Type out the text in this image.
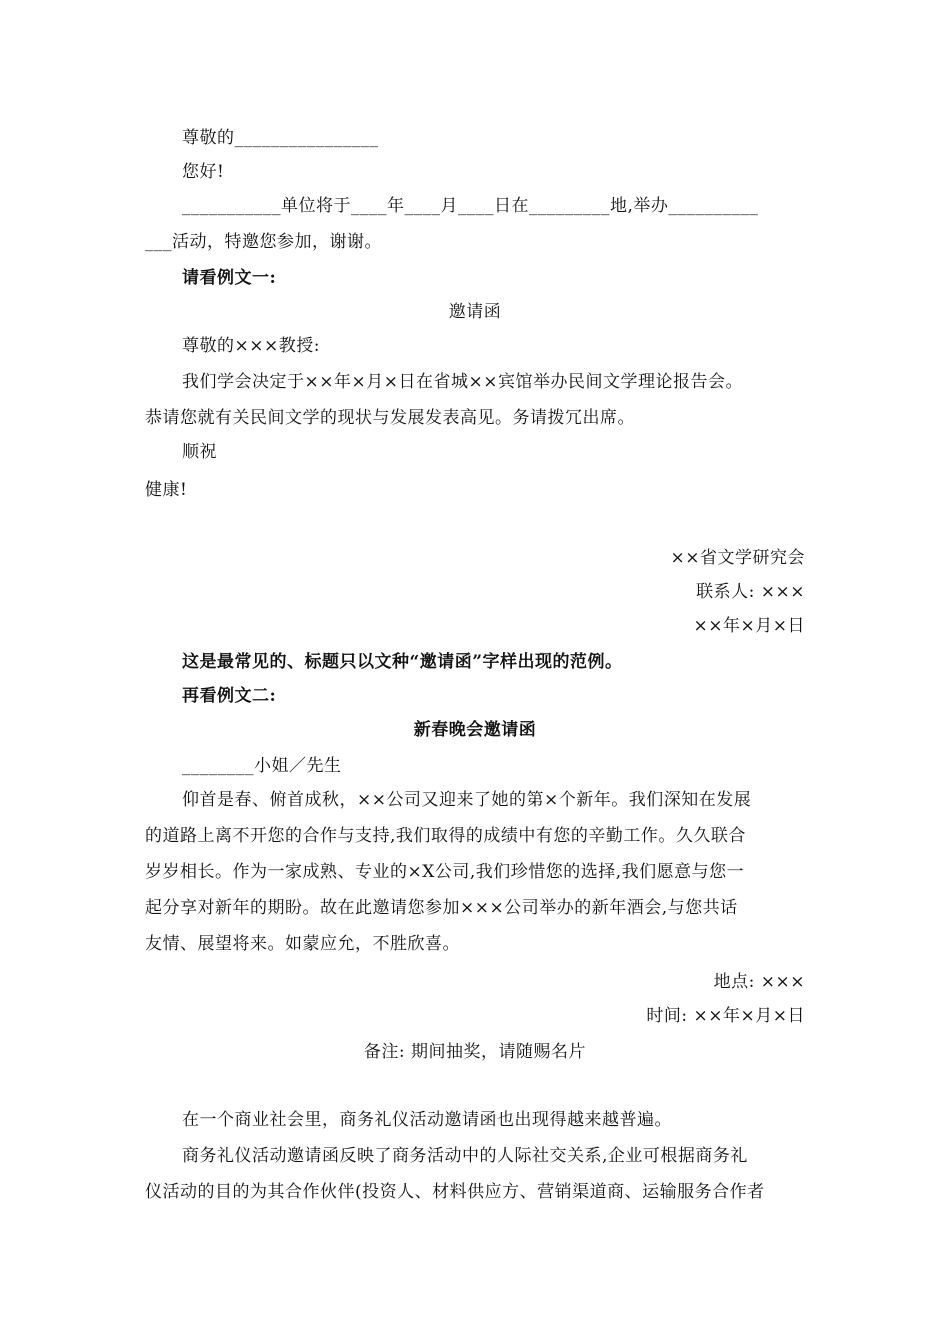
尊敬的________________
您好!
___________单位将于____年____月____日在_________地,举办__________
___活动，特邀您参加，谢谢。
请看例文一:
邀请函
尊敬的×××教授:
我们学会决定于××年×月×日在省城××宾馆举办民间文学理论报告会。
恭请您就有关民间文学的现状与发展发表高见。务请拨冗出席。
顺祝
健康!
××省文学研究会
联系人: ×××
××年×月×日
这是最常见的、标题只以文种“邀请函”字样出现的范例。
再看例文二:
新春晚会邀请函
________小姐／先生
仰首是春、俯首成秋，××公司又迎来了她的第×个新年。我们深知在发展
的道路上离不开您的合作与支持,我们取得的成绩中有您的辛勤工作。久久联合
岁岁相长。作为一家成熟、专业的×X公司,我们珍惜您的选择,我们愿意与您一
起分享对新年的期盼。故在此邀请您参加×××公司举办的新年酒会,与您共话
友情、展望将来。如蒙应允，不胜欣喜。
地点: ×××
时间: ××年×月×日
备注: 期间抽奖，请随赐名片
在一个商业社会里，商务礼仪活动邀请函也出现得越来越普遍。
商务礼仪活动邀请函反映了商务活动中的人际社交关系,企业可根据商务礼
仪活动的目的为其合作伙伴(投资人、材料供应方、营销渠道商、运输服务合作者
